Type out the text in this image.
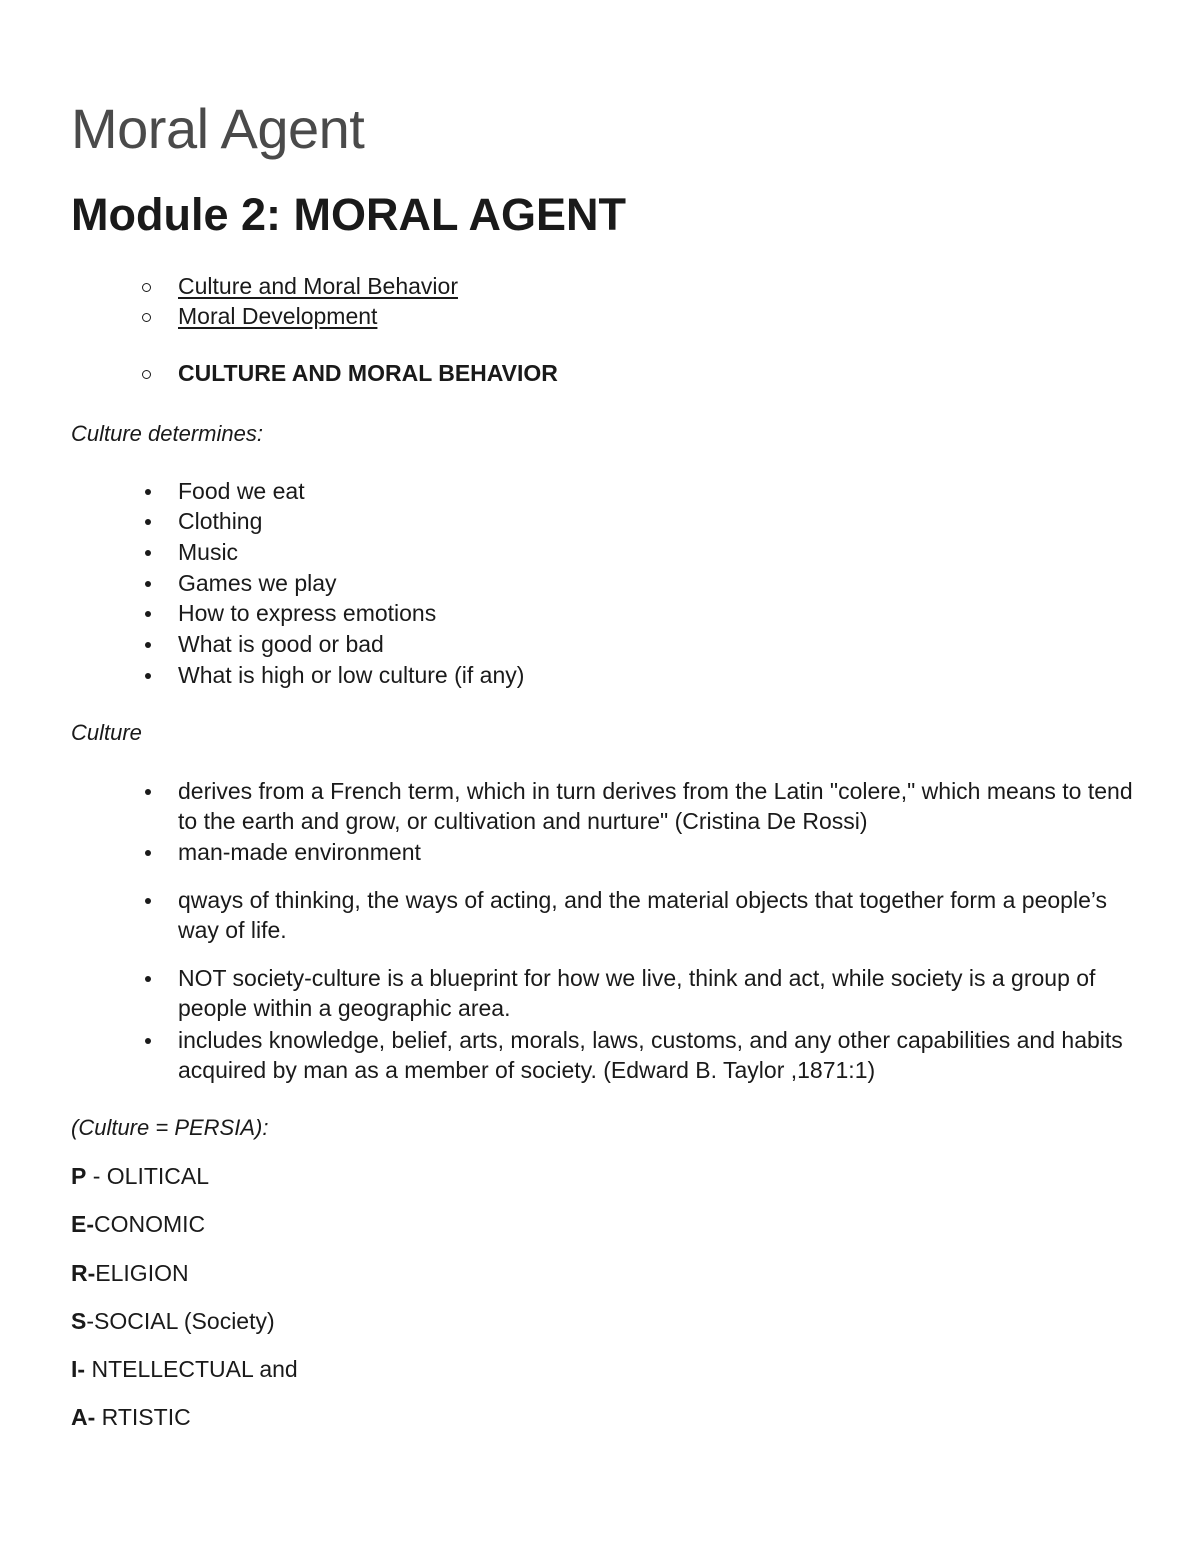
Moral Agent
Module 2: MORAL AGENT
Culture and Moral Behavior
Moral Development
CULTURE AND MORAL BEHAVIOR
Culture determines:
Food we eat
Clothing
Music
Games we play
How to express emotions
What is good or bad
What is high or low culture (if any)
Culture
derives from a French term, which in turn derives from the Latin "colere," which means to tend to the earth and grow, or cultivation and nurture" (Cristina De Rossi)
man-made environment
qways of thinking, the ways of acting, and the material objects that together form a people’s way of life.
NOT society-culture is a blueprint for how we live, think and act, while society is a group of people within a geographic area.
includes knowledge, belief, arts, morals, laws, customs, and any other capabilities and habits acquired by man as a member of society. (Edward B. Taylor ,1871:1)
(Culture = PERSIA):
P - OLITICAL
E-CONOMIC
R-ELIGION
S-SOCIAL (Society)
I- NTELLECTUAL and
A- RTISTIC
